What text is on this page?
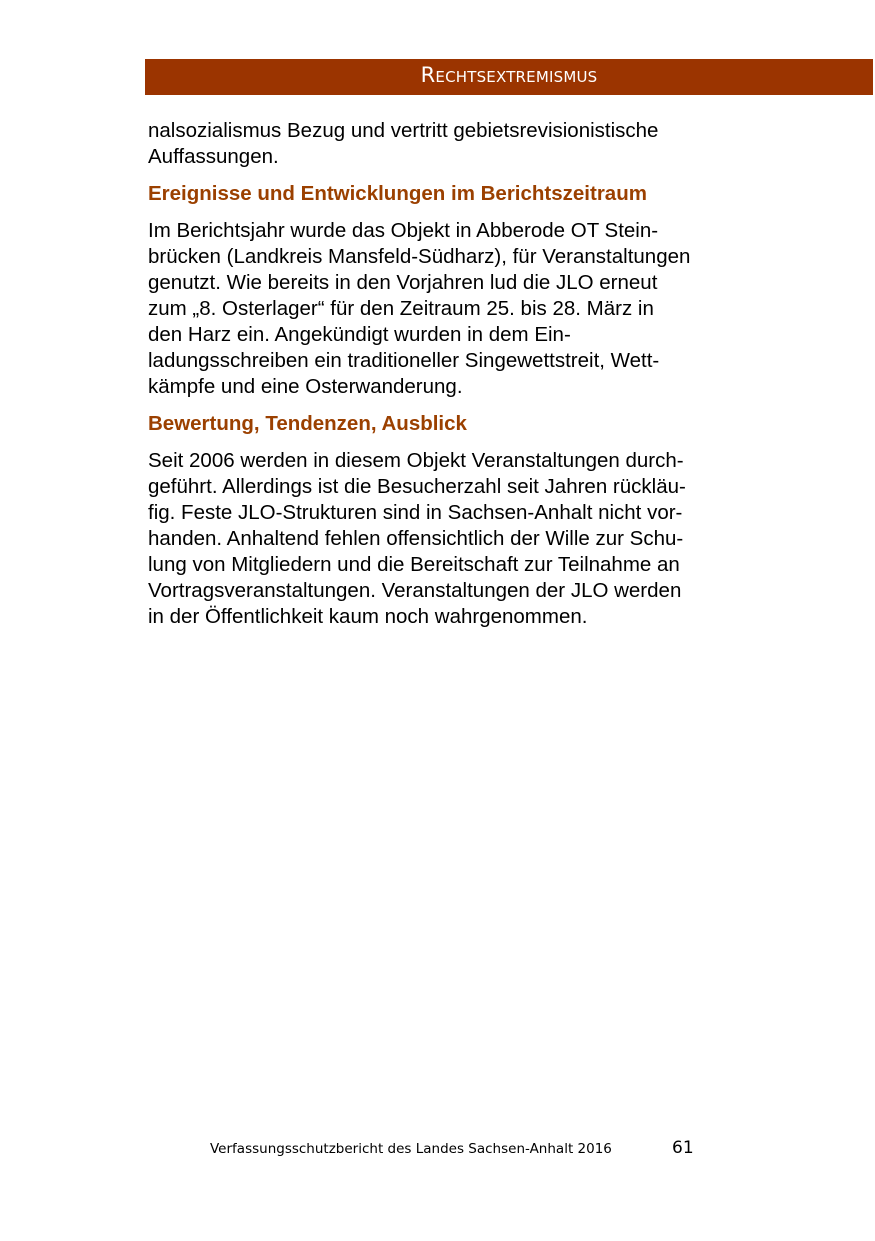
Rechtsextremismus
nalsozialismus Bezug und vertritt gebietsrevisionistische
Auffassungen.
Ereignisse und Entwicklungen im Berichtszeitraum
Im Berichtsjahr wurde das Objekt in Abberode OT Stein-
brücken (Landkreis Mansfeld-Südharz), für Veranstaltungen
genutzt. Wie bereits in den Vorjahren lud die JLO erneut
zum „8. Osterlager“ für den Zeitraum 25. bis 28. März in
den Harz ein. Angekündigt wurden in dem Ein-
ladungsschreiben ein traditioneller Singewettstreit, Wett-
kämpfe und eine Osterwanderung.
Bewertung, Tendenzen, Ausblick
Seit 2006 werden in diesem Objekt Veranstaltungen durch-
geführt. Allerdings ist die Besucherzahl seit Jahren rückläu-
fig. Feste JLO-Strukturen sind in Sachsen-Anhalt nicht vor-
handen. Anhaltend fehlen offensichtlich der Wille zur Schu-
lung von Mitgliedern und die Bereitschaft zur Teilnahme an
Vortragsveranstaltungen. Veranstaltungen der JLO werden
in der Öffentlichkeit kaum noch wahrgenommen.
Verfassungsschutzbericht des Landes Sachsen-Anhalt 2016	61
